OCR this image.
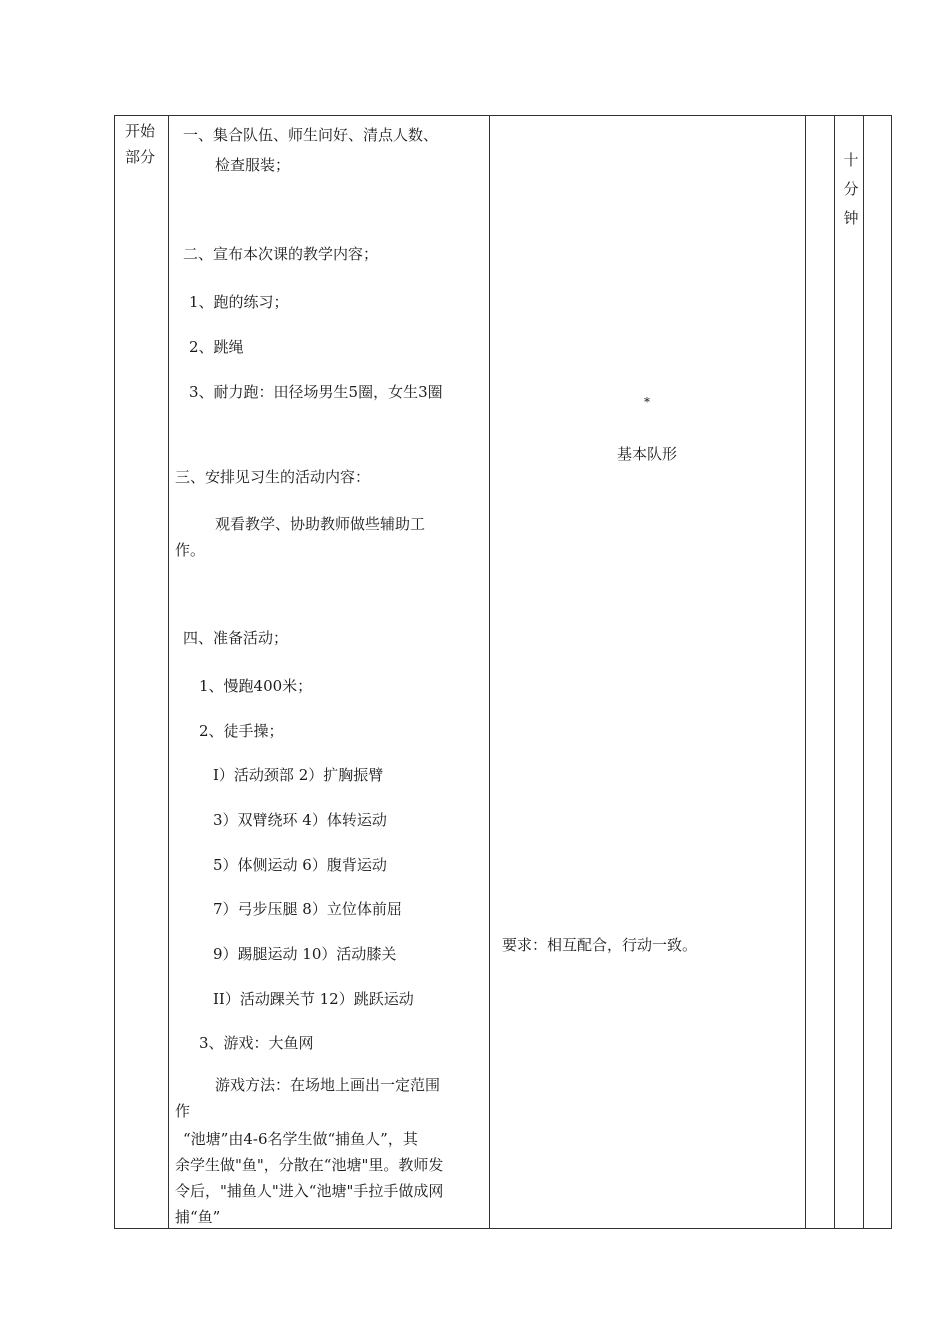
开始部分	十分钟
一、集合队伍、师生问好、清点人数、
检查服装；
二、宣布本次课的教学内容；
1、跑的练习；
2、跳绳
3、耐力跑：田径场男生5圈，女生3圈
三、安排见习生的活动内容：
观看教学、协助教师做些辅助工
作。
四、准备活动；
1、慢跑400米；
2、徒手操；
I）活动颈部 2）扩胸振臂
3）双臂绕环 4）体转运动
5）体侧运动 6）腹背运动
7）弓步压腿 8）立位体前屈
9）踢腿运动 10）活动膝关
II）活动踝关节 12）跳跃运动
3、游戏：大鱼网
游戏方法：在场地上画出一定范围
作
“池塘”由4-6名学生做“捕鱼人”，其
余学生做"鱼"，分散在“池塘"里。教师发
令后，"捕鱼人"进入“池塘"手拉手做成网
捕“鱼”
*
基本队形
要求：相互配合，行动一致。
